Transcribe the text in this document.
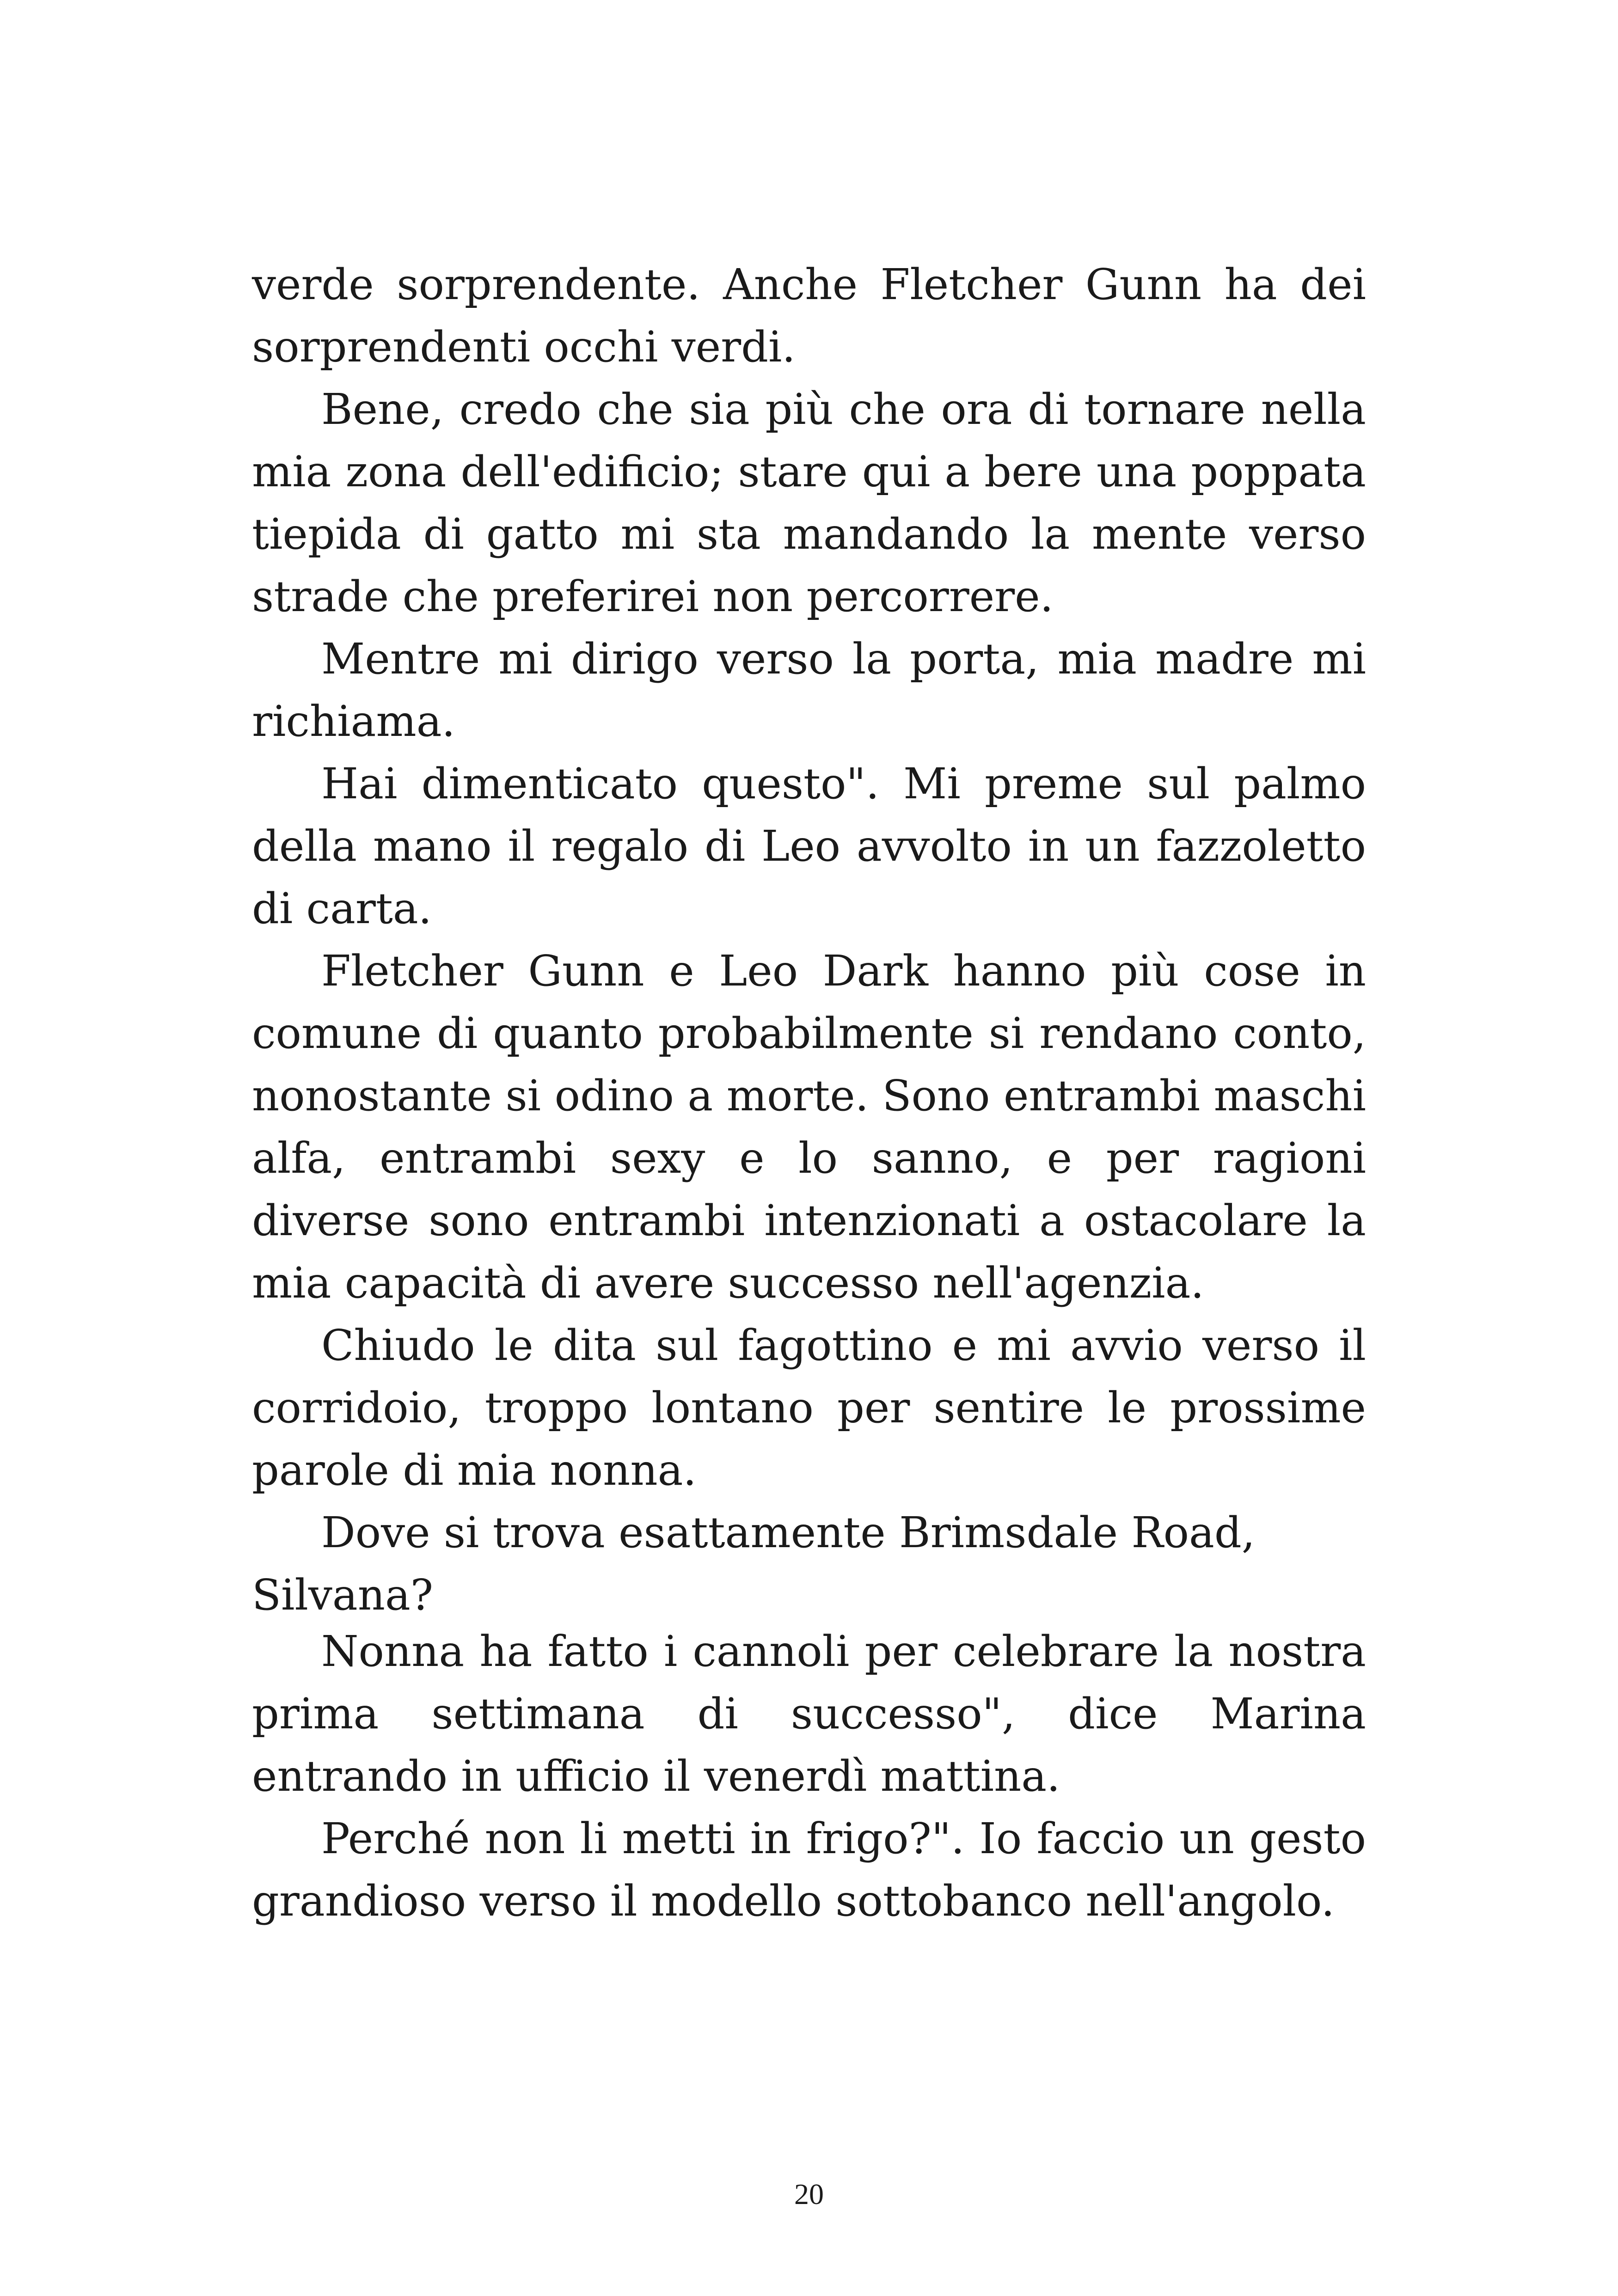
verde sorprendente. Anche Fletcher Gunn ha dei sorprendenti occhi verdi.

Bene, credo che sia più che ora di tornare nella mia zona dell'edificio; stare qui a bere una poppata tiepida di gatto mi sta mandando la mente verso strade che preferirei non percorrere.

Mentre mi dirigo verso la porta, mia madre mi richiama.

Hai dimenticato questo". Mi preme sul palmo della mano il regalo di Leo avvolto in un fazzoletto di carta.

Fletcher Gunn e Leo Dark hanno più cose in comune di quanto probabilmente si rendano conto, nonostante si odino a morte. Sono entrambi maschi alfa, entrambi sexy e lo sanno, e per ragioni diverse sono entrambi intenzionati a ostacolare la mia capacità di avere successo nell'agenzia.

Chiudo le dita sul fagottino e mi avvio verso il corridoio, troppo lontano per sentire le prossime parole di mia nonna.

Dove si trova esattamente Brimsdale Road, Silvana?

Nonna ha fatto i cannoli per celebrare la nostra prima settimana di successo", dice Marina entrando in ufficio il venerdì mattina.

Perché non li metti in frigo?". Io faccio un gesto grandioso verso il modello sottobanco nell'angolo.

20
